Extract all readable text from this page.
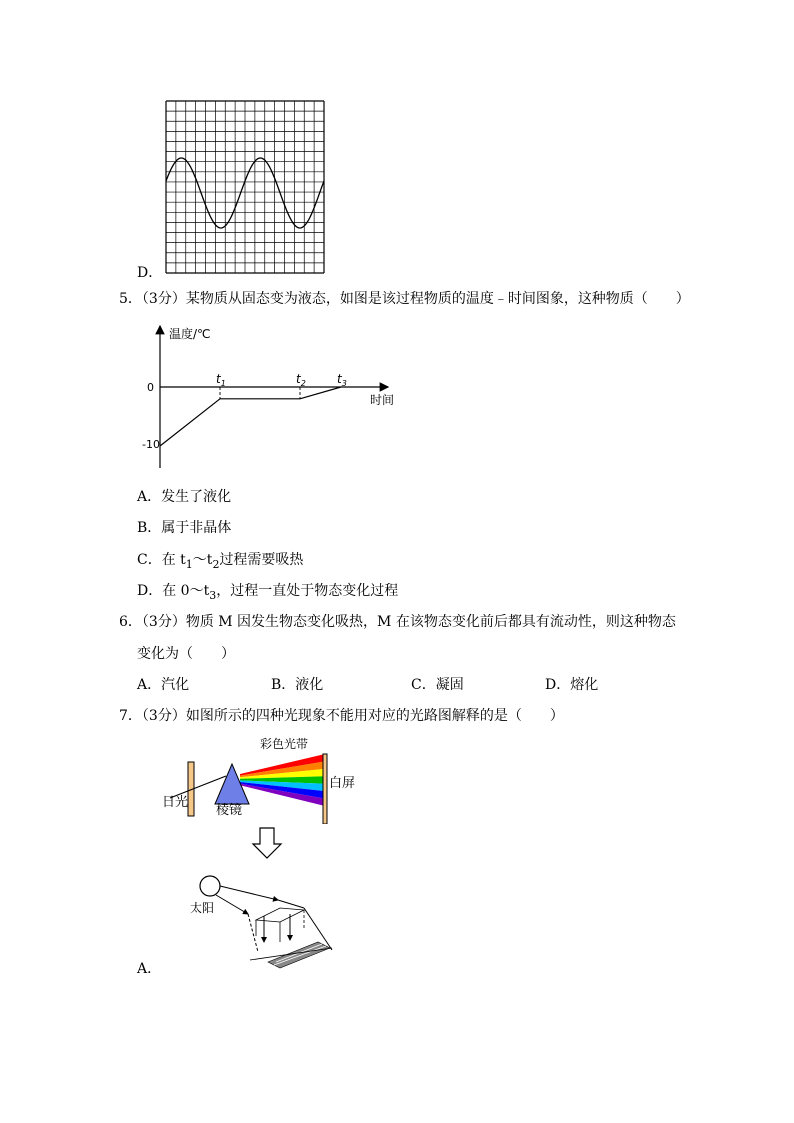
D．
5．（3分）某物质从固态变为液态，如图是该过程物质的温度﹣时间图象，这种物质（　　）
温度/℃
时间
0
-10
$t_1$	$t_2$	$t_3$
A．发生了液化
B．属于非晶体
C．在 $t_1\sim t_2$过程需要吸热
D．在 $0\sim t_3$，过程一直处于物态变化过程
6．（3分）物质 M 因发生物态变化吸热，M 在该物态变化前后都具有流动性，则这种物态
变化为（　　）
A．汽化	B．液化	C．凝固	D．熔化
7．（3分）如图所示的四种光现象不能用对应的光路图解释的是（　　）
彩色光带
白屏
日光
棱镜
太阳
A．
